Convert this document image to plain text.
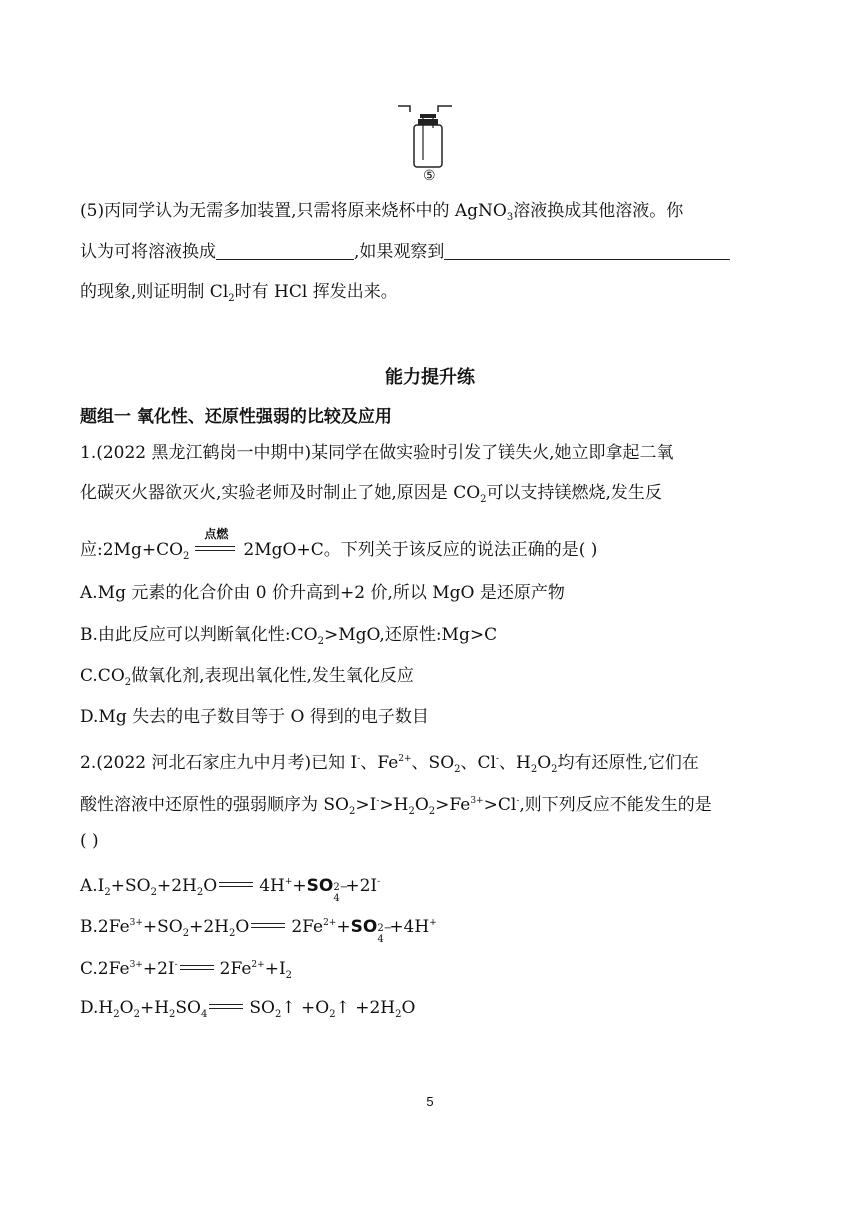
⑤
(5)丙同学认为无需多加装置,只需将原来烧杯中的 AgNO$_3$溶液换成其他溶液。你
认为可将溶液换成	,如果观察到
的现象,则证明制 $Cl_2$时有 HCl 挥发出来。
能力提升练
题组一 氧化性、还原性强弱的比较及应用
1.(2022 黑龙江鹤岗一中期中)某同学在做实验时引发了镁失火,她立即拿起二氧
化碳灭火器欲灭火,实验老师及时制止了她,原因是 $CO_2$可以支持镁燃烧,发生反
应$:2Mg+CO_2$
点燃
2MgO+C。下列关于该反应的说法正确的是( )
A.Mg 元素的化合价由 0 价升高到+2 价,所以 MgO 是还原产物
B.由此反应可以判断氧化性$:CO_2>MgO$,还原性:Mg>C
$C.CO_2$做氧化剂,表现出氧化性,发生氧化反应
D.Mg 失去的电子数目等于 O 得到的电子数目
2.(2022 河北石家庄九中月考)已知 I-、$Fe^{2+}$、$SO_2$、Cl-、$H_2O_2$均有还原性,它们在
酸性溶液中还原性的强弱顺序为 $SO_2>I^->H_2O_2>Fe^{3+}>Cl^-$,则下列反应不能发生的是
( )
$A.I_2+SO_2+2H_2O$ 4H++SO 2−
4
+2I-
$B.2Fe^{3+}+SO_2+2H_2O$ $2Fe^{2+}+SO$ 2−
4
+4H+
$C.2Fe^{3+}+2I^-$ $2Fe^{2+}+I_2$
$D.H_2O_2+H_2SO_4$ $SO_2↑$ $+O_2↑ +2H_2O$
5
